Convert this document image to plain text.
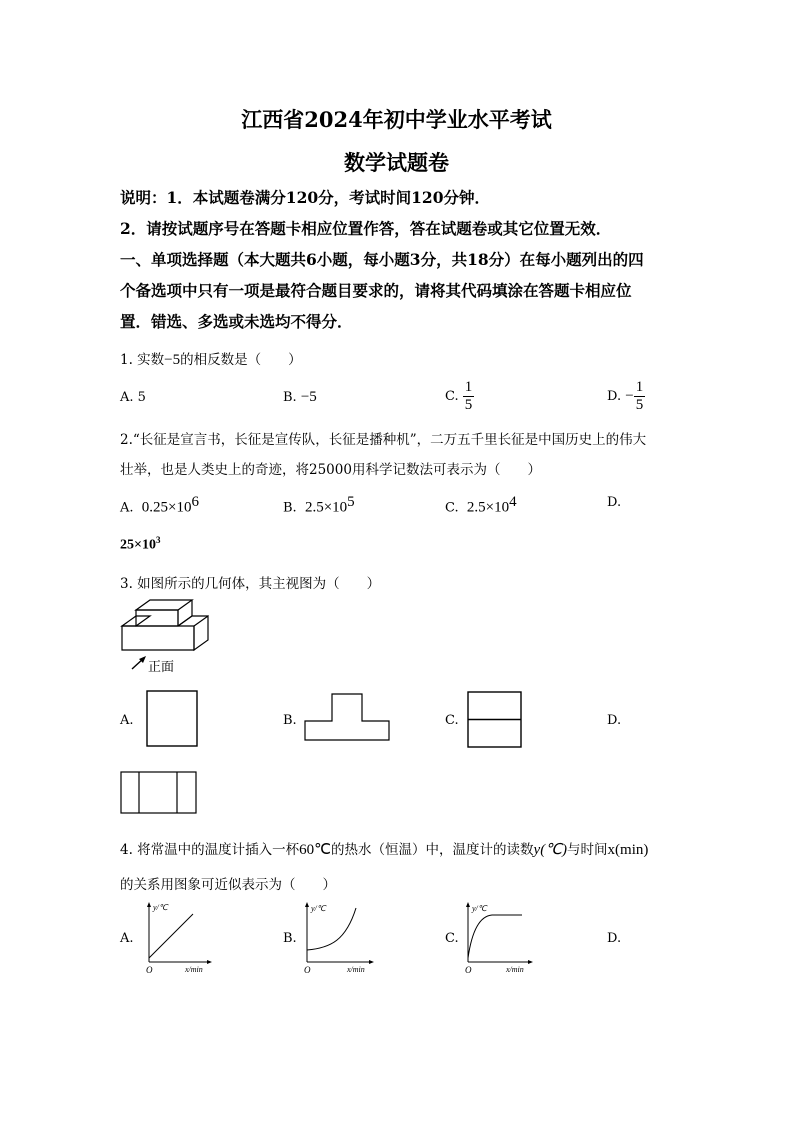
江西省2024年初中学业水平考试
数学试题卷
说明：1．本试题卷满分120分，考试时间120分钟．
2．请按试题序号在答题卡相应位置作答，答在试题卷或其它位置无效．
一、单项选择题（本大题共6小题，每小题3分，共18分）在每小题列出的四
个备选项中只有一项是最符合题目要求的，请将其代码填涂在答题卡相应位
置．错选、多选或未选均不得分．
1. 实数−5的相反数是（　　）
A. 5	B. −5	C. $\frac{1}{5}$	D. − $\frac{1}{5}$
2.“长征是宣言书，长征是宣传队，长征是播种机”，二万五千里长征是中国历史上的伟大
壮举，也是人类史上的奇迹，将25000用科学记数法可表示为（　　）
A. $0.25\times 10^6$	B. $2.5\times 10^5$	C. $2.5\times 10^4$	D.
$25\times 10^3$
3. 如图所示的几何体，其主视图为（　　）
正面
A.	B.	C.	D.
4. 将常温中的温度计插入一杯60℃的热水（恒温）中，温度计的读数y(℃)与时间x(min)
的关系用图象可近似表示为（　　）
A.
y/℃
x/min
O
B.
y/℃
x/min
O
C.
y/℃
x/min
O
D.
